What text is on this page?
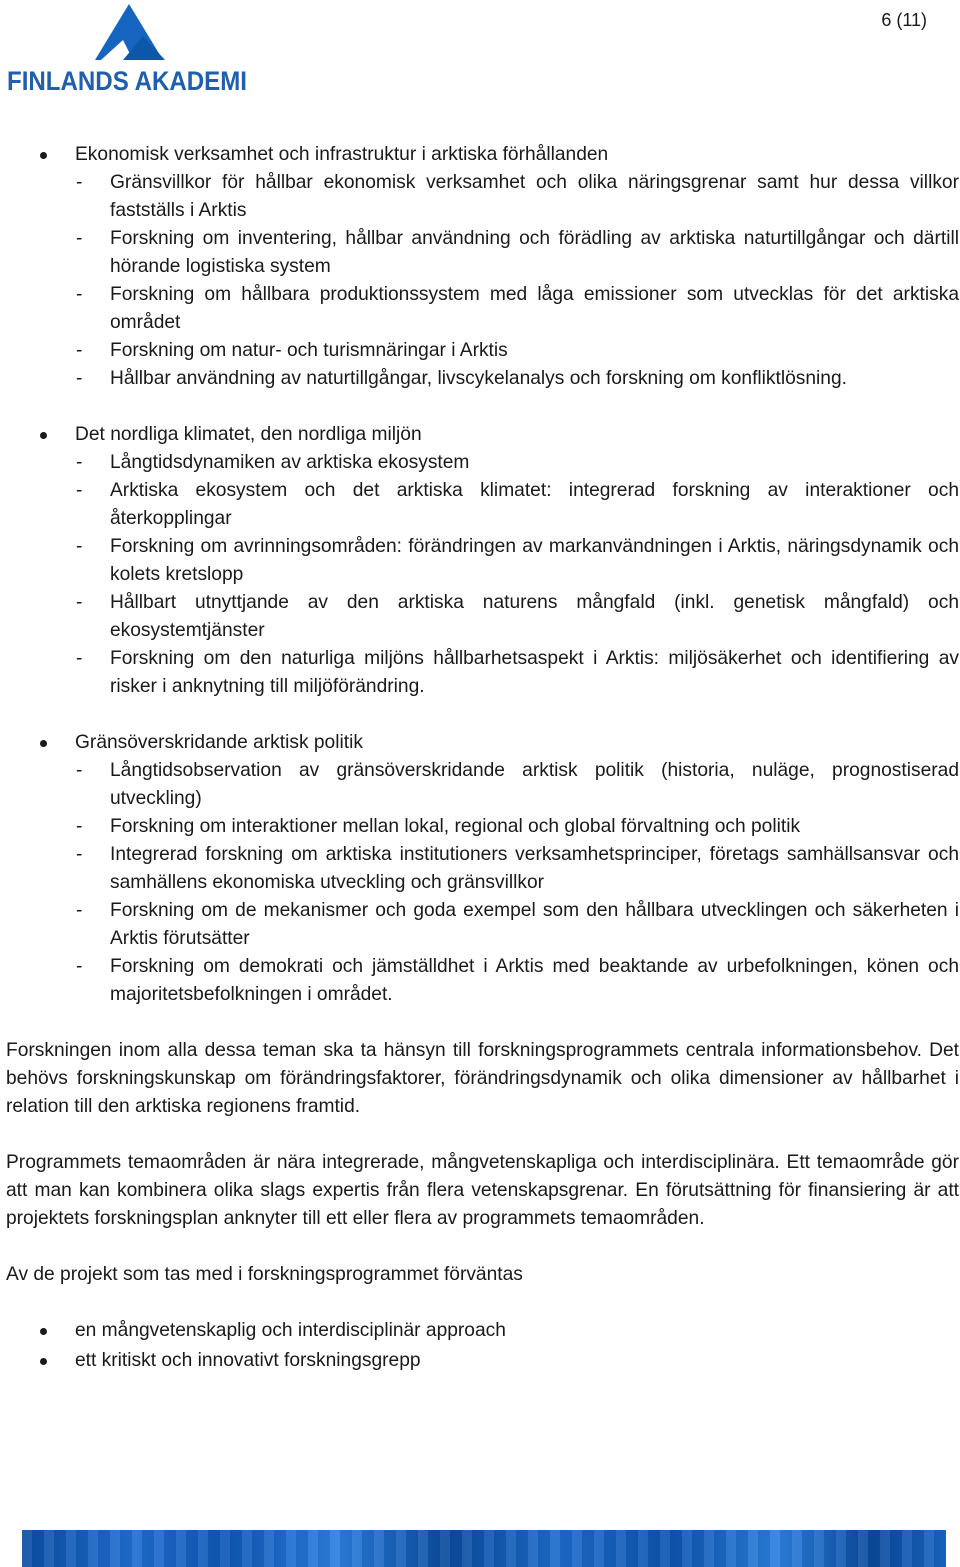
FINLANDS AKADEMI
6 (11)

Ekonomisk verksamhet och infrastruktur i arktiska förhållanden

- Gränsvillkor för hållbar ekonomisk verksamhet och olika näringsgrenar samt hur dessa villkor fastställs i Arktis
- Forskning om inventering, hållbar användning och förädling av arktiska naturtillgångar och därtill hörande logistiska system
- Forskning om hållbara produktionssystem med låga emissioner som utvecklas för det arktiska området
- Forskning om natur- och turismnäringar i Arktis
- Hållbar användning av naturtillgångar, livscykelanalys och forskning om konfliktlösning.

Det nordliga klimatet, den nordliga miljön

- Långtidsdynamiken av arktiska ekosystem
- Arktiska ekosystem och det arktiska klimatet: integrerad forskning av interaktioner och återkopplingar
- Forskning om avrinningsområden: förändringen av markanvändningen i Arktis, näringsdynamik och kolets kretslopp
- Hållbart utnyttjande av den arktiska naturens mångfald (inkl. genetisk mångfald) och ekosystemtjänster
- Forskning om den naturliga miljöns hållbarhetsaspekt i Arktis: miljösäkerhet och identifiering av risker i anknytning till miljöförändring.

Gränsöverskridande arktisk politik

- Långtidsobservation av gränsöverskridande arktisk politik (historia, nuläge, prognostiserad utveckling)
- Forskning om interaktioner mellan lokal, regional och global förvaltning och politik
- Integrerad forskning om arktiska institutioners verksamhetsprinciper, företags samhällsansvar och samhällens ekonomiska utveckling och gränsvillkor
- Forskning om de mekanismer och goda exempel som den hållbara utvecklingen och säkerheten i Arktis förutsätter
- Forskning om demokrati och jämställdhet i Arktis med beaktande av urbefolkningen, könen och majoritetsbefolkningen i området.

Forskningen inom alla dessa teman ska ta hänsyn till forskningsprogrammets centrala informationsbehov. Det behövs forskningskunskap om förändringsfaktorer, förändringsdynamik och olika dimensioner av hållbarhet i relation till den arktiska regionens framtid.

Programmets temaområden är nära integrerade, mångvetenskapliga och interdisciplinära. Ett temaområde gör att man kan kombinera olika slags expertis från flera vetenskapsgrenar. En förutsättning för finansiering är att projektets forskningsplan anknyter till ett eller flera av programmets temaområden.

Av de projekt som tas med i forskningsprogrammet förväntas

en mångvetenskaplig och interdisciplinär approach

ett kritiskt och innovativt forskningsgrepp
